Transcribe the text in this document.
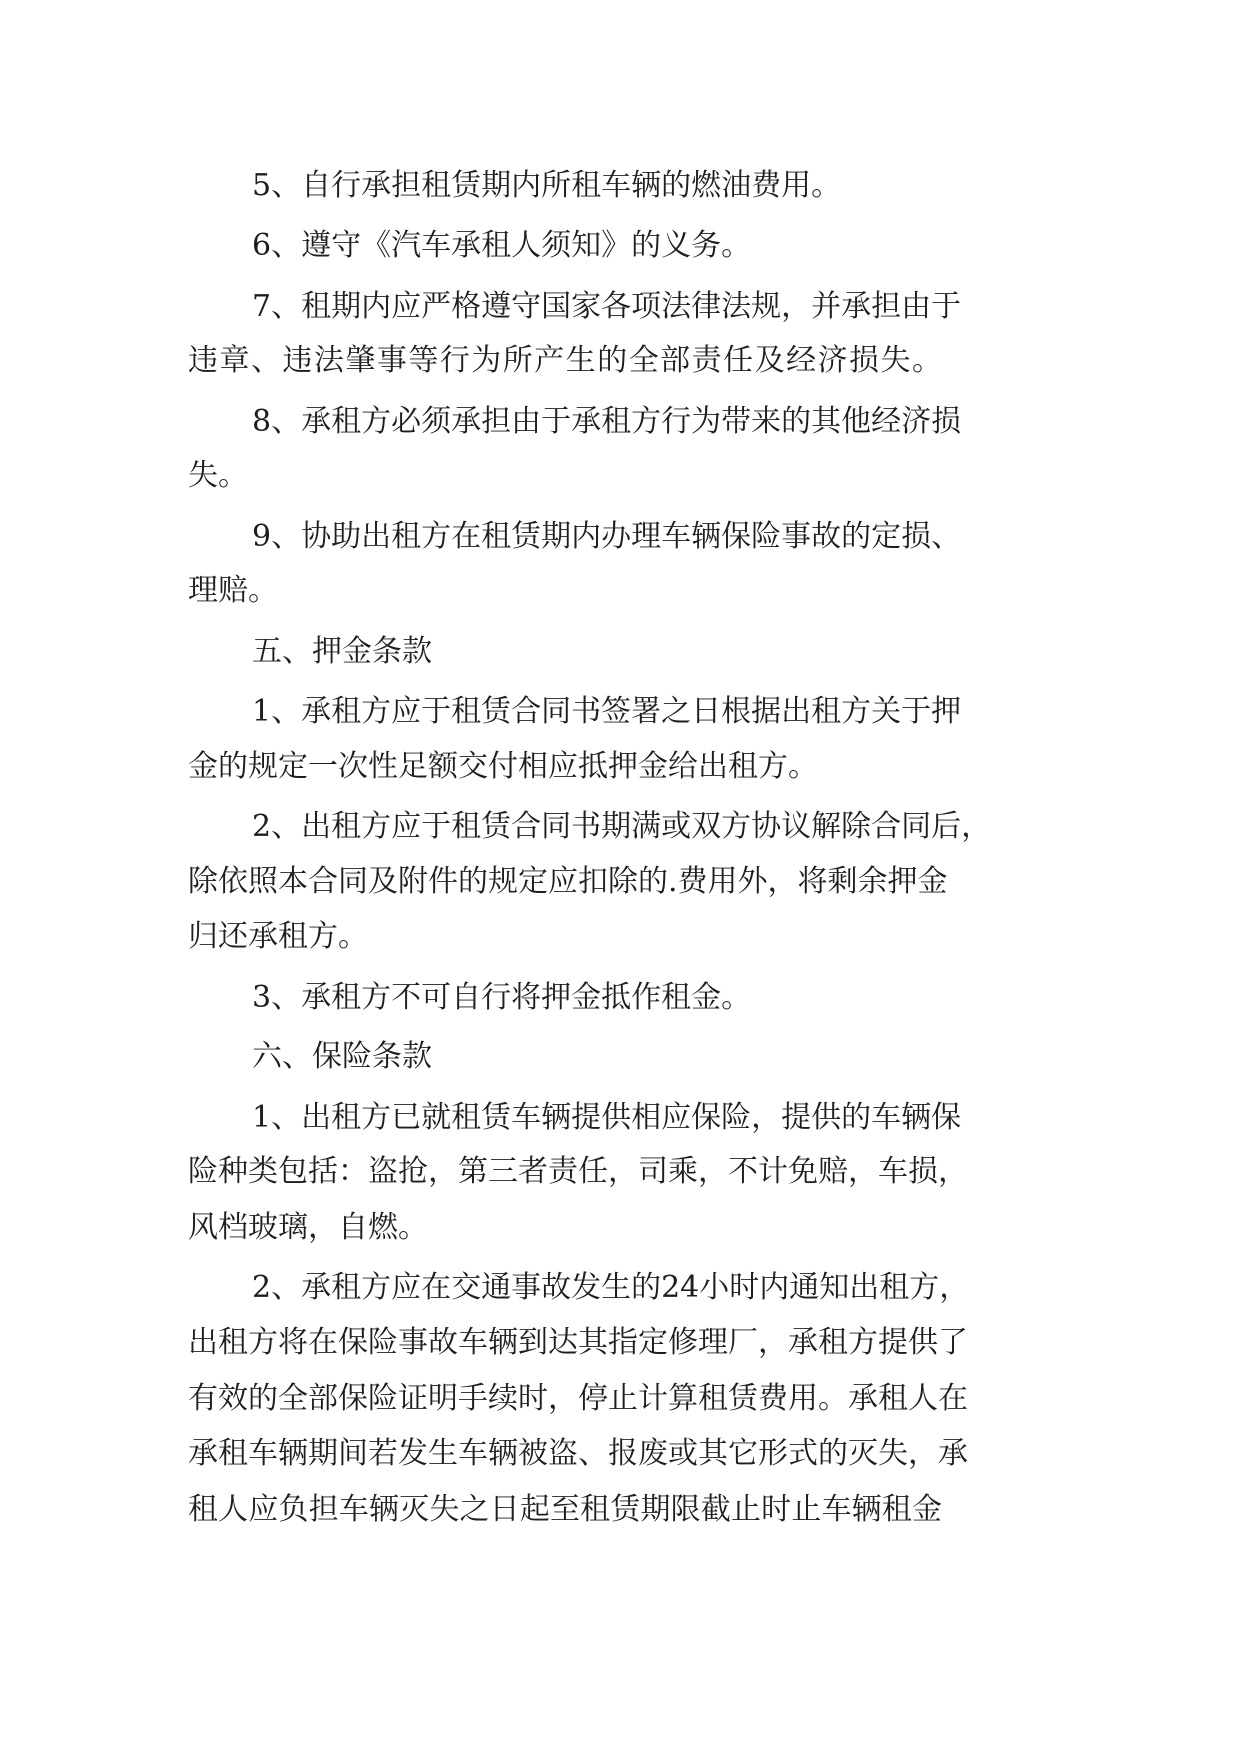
5、自行承担租赁期内所租车辆的燃油费用。
6、遵守《汽车承租人须知》的义务。
7、租期内应严格遵守国家各项法律法规，并承担由于
违章、违法肇事等行为所产生的全部责任及经济损失。
8、承租方必须承担由于承租方行为带来的其他经济损
失。
9、协助出租方在租赁期内办理车辆保险事故的定损、
理赔。
五、押金条款
1、承租方应于租赁合同书签署之日根据出租方关于押
金的规定一次性足额交付相应抵押金给出租方。
2、出租方应于租赁合同书期满或双方协议解除合同后，
除依照本合同及附件的规定应扣除的.费用外，将剩余押金
归还承租方。
3、承租方不可自行将押金抵作租金。
六、保险条款
1、出租方已就租赁车辆提供相应保险，提供的车辆保
险种类包括：盗抢，第三者责任，司乘，不计免赔，车损，
风档玻璃，自燃。
2、承租方应在交通事故发生的24小时内通知出租方，
出租方将在保险事故车辆到达其指定修理厂，承租方提供了
有效的全部保险证明手续时，停止计算租赁费用。承租人在
承租车辆期间若发生车辆被盗、报废或其它形式的灭失，承
租人应负担车辆灭失之日起至租赁期限截止时止车辆租金
